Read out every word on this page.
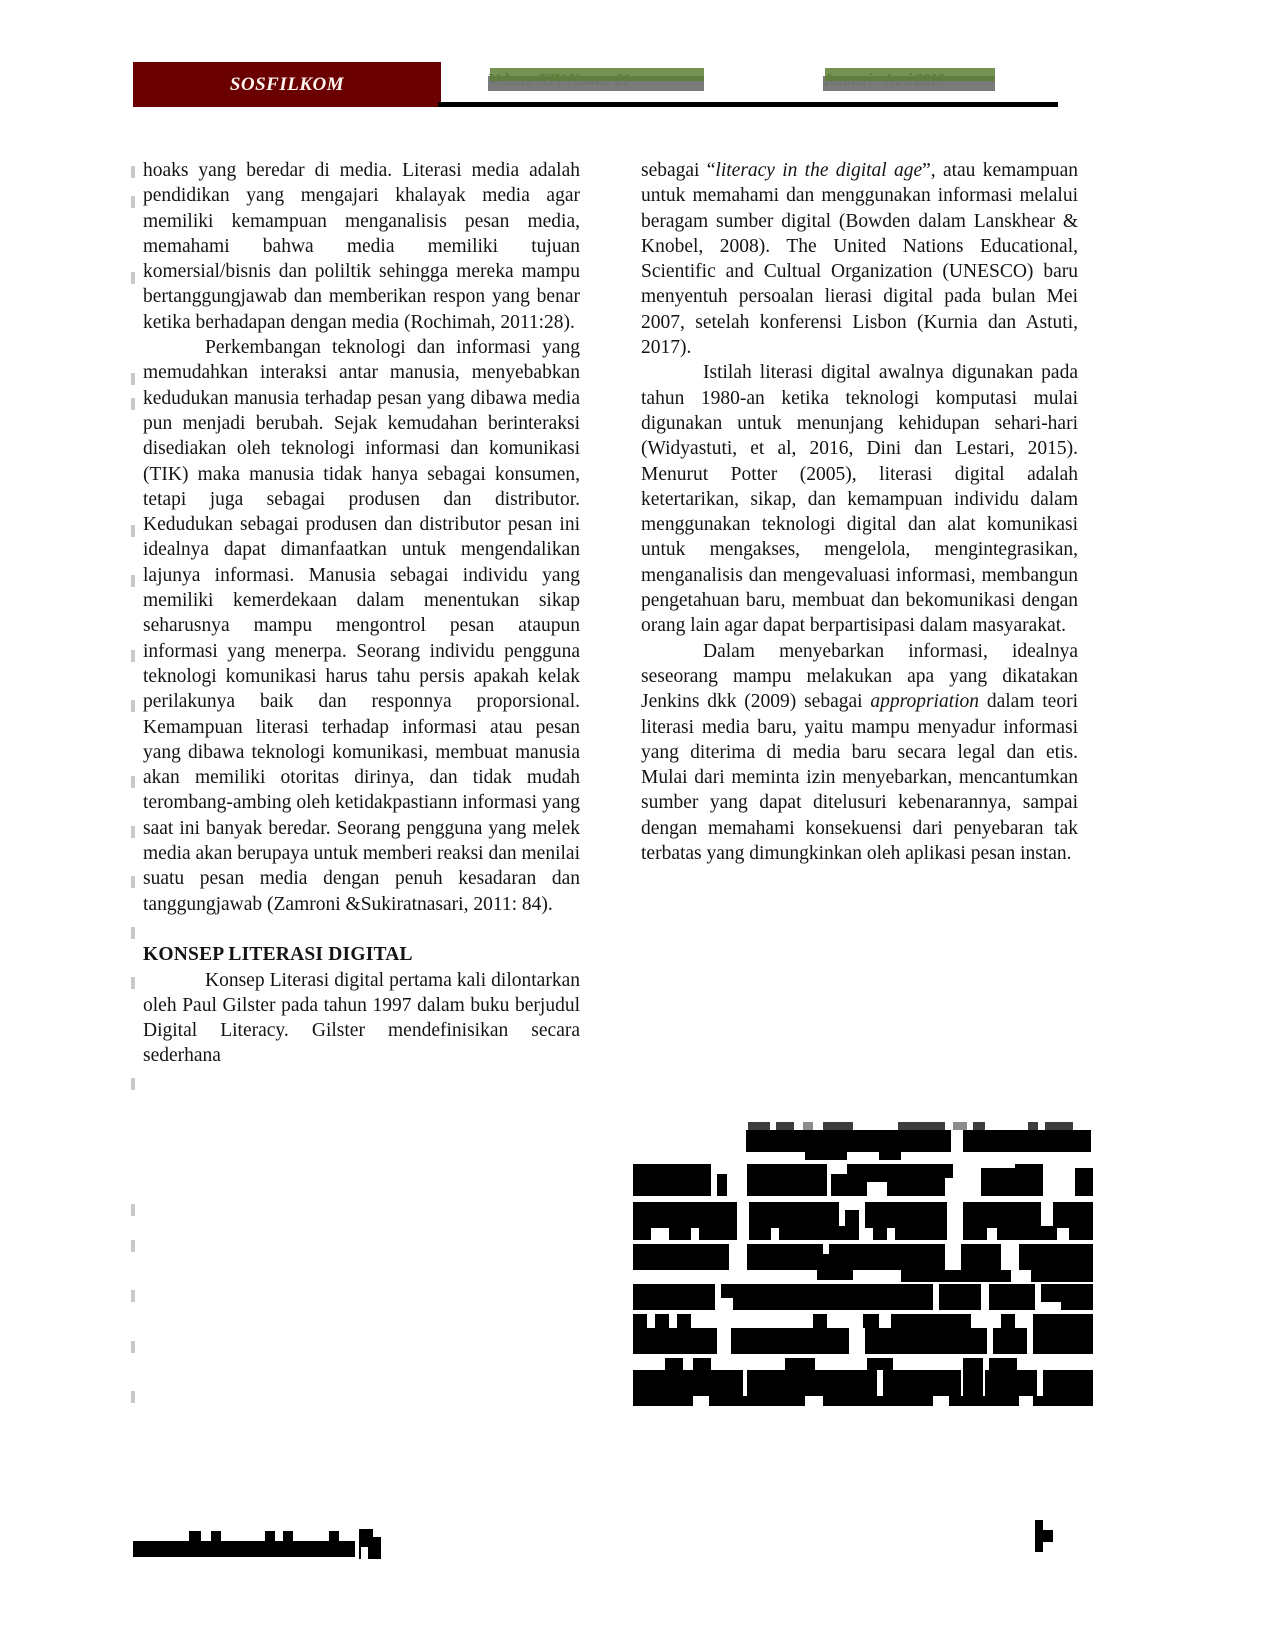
SOSFILKOM

hoaks yang beredar di media. Literasi media adalah pendidikan yang mengajari khalayak media agar memiliki kemampuan menganalisis pesan media, memahami bahwa media memiliki tujuan komersial/bisnis dan poliltik sehingga mereka mampu bertanggungjawab dan memberikan respon yang benar ketika berhadapan dengan media (Rochimah, 2011:28).

Perkembangan teknologi dan informasi yang memudahkan interaksi antar manusia, menyebabkan kedudukan manusia terhadap pesan yang dibawa media pun menjadi berubah. Sejak kemudahan berinteraksi disediakan oleh teknologi informasi dan komunikasi (TIK) maka manusia tidak hanya sebagai konsumen, tetapi juga sebagai produsen dan distributor. Kedudukan sebagai produsen dan distributor pesan ini idealnya dapat dimanfaatkan untuk mengendalikan lajunya informasi. Manusia sebagai individu yang memiliki kemerdekaan dalam menentukan sikap seharusnya mampu mengontrol pesan ataupun informasi yang menerpa. Seorang individu pengguna teknologi komunikasi harus tahu persis apakah kelak perilakunya baik dan responnya proporsional. Kemampuan literasi terhadap informasi atau pesan yang dibawa teknologi komunikasi, membuat manusia akan memiliki otoritas dirinya, dan tidak mudah terombang-ambing oleh ketidakpastiann informasi yang saat ini banyak beredar. Seorang pengguna yang melek media akan berupaya untuk memberi reaksi dan menilai suatu pesan media dengan penuh kesadaran dan tanggungjawab (Zamroni &Sukiratnasari, 2011: 84).

KONSEP LITERASI DIGITAL

Konsep Literasi digital pertama kali dilontarkan oleh Paul Gilster pada tahun 1997 dalam buku berjudul Digital Literacy. Gilster mendefinisikan secara sederhana

sebagai “literacy in the digital age”, atau kemampuan untuk memahami dan menggunakan informasi melalui beragam sumber digital (Bowden dalam Lanskhear & Knobel, 2008). The United Nations Educational, Scientific and Cultual Organization (UNESCO) baru menyentuh persoalan lierasi digital pada bulan Mei 2007, setelah konferensi Lisbon (Kurnia dan Astuti, 2017).

Istilah literasi digital awalnya digunakan pada tahun 1980-an ketika teknologi komputasi mulai digunakan untuk menunjang kehidupan sehari-hari (Widyastuti, et al, 2016, Dini dan Lestari, 2015). Menurut Potter (2005), literasi digital adalah ketertarikan, sikap, dan kemampuan individu dalam menggunakan teknologi digital dan alat komunikasi untuk mengakses, mengelola, mengintegrasikan, menganalisis dan mengevaluasi informasi, membangun pengetahuan baru, membuat dan bekomunikasi dengan orang lain agar dapat berpartisipasi dalam masyarakat.

Dalam menyebarkan informasi, idealnya seseorang mampu melakukan apa yang dikatakan Jenkins dkk (2009) sebagai appropriation dalam teori literasi media baru, yaitu mampu menyadur informasi yang diterima di media baru secara legal dan etis. Mulai dari meminta izin menyebarkan, mencantumkan sumber yang dapat ditelusuri kebenarannya, sampai dengan memahami konsekuensi dari penyebaran tak terbatas yang dimungkinkan oleh aplikasi pesan instan.
